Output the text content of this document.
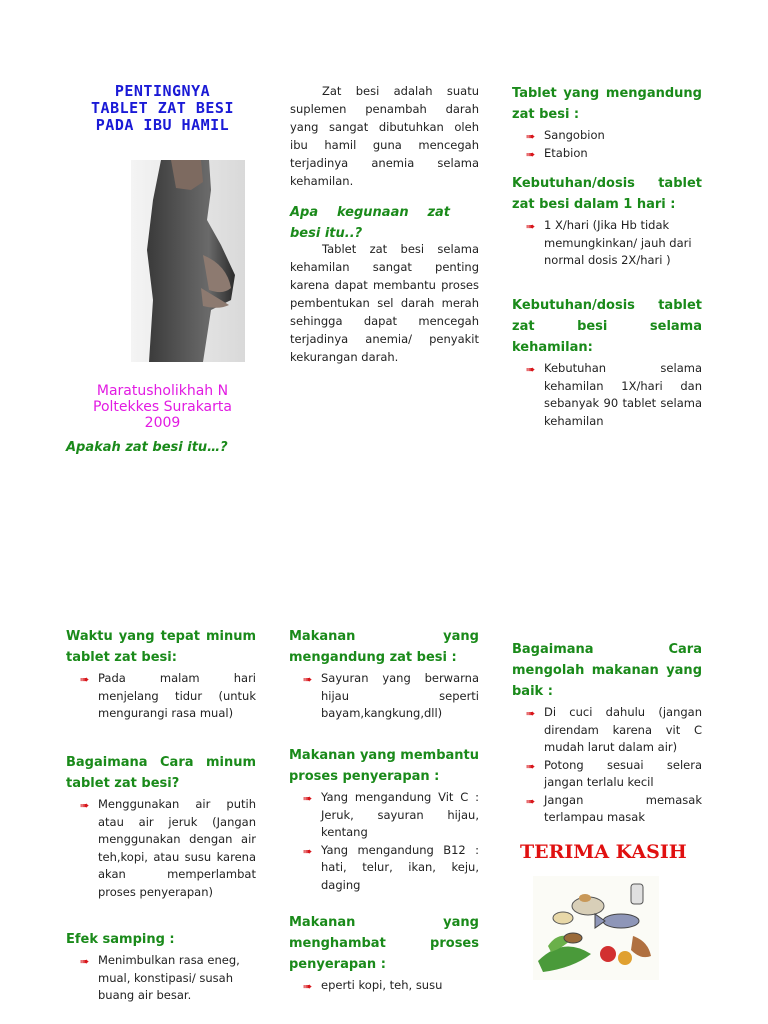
PENTINGNYA
TABLET ZAT BESI
PADA IBU HAMIL
Maratusholikhah N
Poltekkes Surakarta
2009
Apakah zat besi itu…?
Zat besi adalah suatu suplemen penambah darah yang sangat dibutuhkan oleh ibu hamil guna mencegah terjadinya anemia selama kehamilan.
Apa kegunaan zat besi itu..?
Tablet zat besi selama kehamilan sangat penting karena dapat membantu proses pembentukan sel darah merah sehingga dapat mencegah terjadinya anemia/ penyakit kekurangan darah.
Tablet yang mengandung zat besi :
➠ Sangobion
➠ Etabion
Kebutuhan/dosis tablet zat besi dalam 1 hari :
➠ 1 X/hari (Jika Hb tidak memungkinkan/ jauh dari normal dosis 2X/hari )
Kebutuhan/dosis tablet zat besi selama kehamilan:
➠ Kebutuhan selama kehamilan 1X/hari dan sebanyak 90 tablet selama kehamilan
Waktu yang tepat minum tablet zat besi:
➠ Pada malam hari menjelang tidur (untuk mengurangi rasa mual)
Bagaimana Cara minum tablet zat besi?
➠ Menggunakan air putih atau air jeruk (Jangan menggunakan dengan air teh,kopi, atau susu karena akan memperlambat proses penyerapan)
Efek samping :
➠ Menimbulkan rasa eneg, mual, konstipasi/ susah buang air besar.
Makanan yang mengandung zat besi :
➠ Sayuran yang berwarna hijau seperti bayam,kangkung,dll)
Makanan yang membantu proses penyerapan :
➠ Yang mengandung Vit C : Jeruk, sayuran hijau, kentang
➠ Yang mengandung B12 : hati, telur, ikan, keju, daging
Makanan yang menghambat proses penyerapan :
➠ eperti kopi, teh, susu
Bagaimana Cara mengolah makanan yang baik :
➠ Di cuci dahulu (jangan direndam karena vit C mudah larut dalam air)
➠ Potong sesuai selera jangan terlalu kecil
➠ Jangan memasak terlampau masak
TERIMA KASIH
